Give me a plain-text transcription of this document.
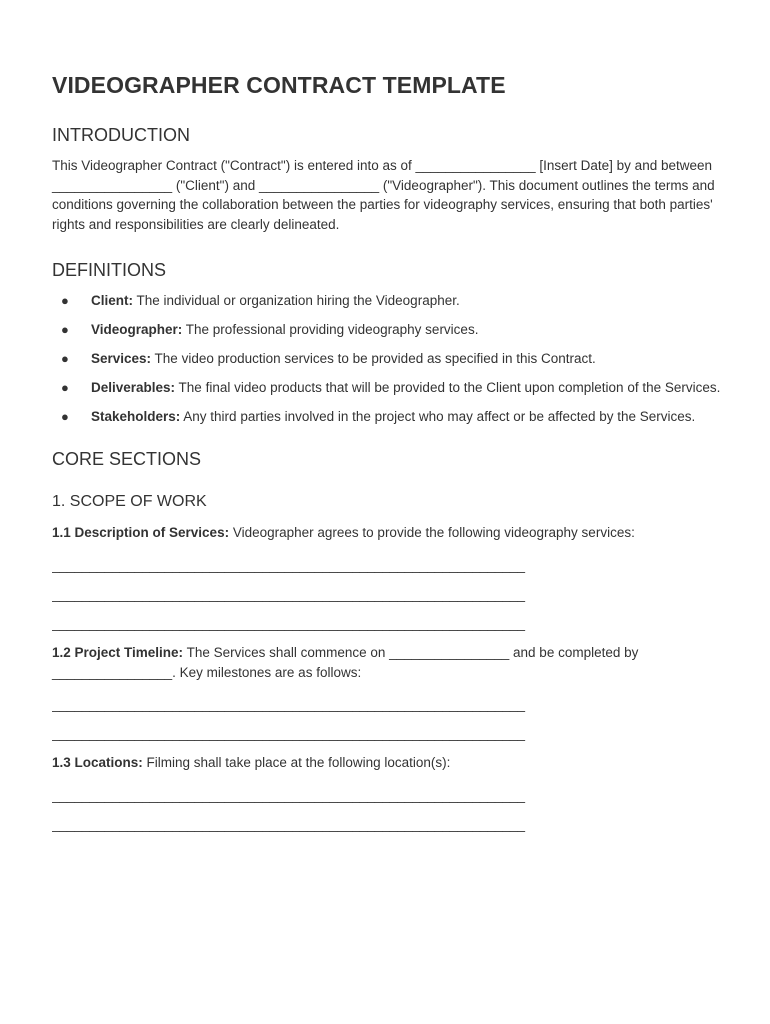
VIDEOGRAPHER CONTRACT TEMPLATE
INTRODUCTION

This Videographer Contract ("Contract") is entered into as of ________________ [Insert Date] by and between ________________ ("Client") and ________________ ("Videographer"). This document outlines the terms and conditions governing the collaboration between the parties for videography services, ensuring that both parties' rights and responsibilities are clearly delineated.

DEFINITIONS
● Client: The individual or organization hiring the Videographer.
● Videographer: The professional providing videography services.
● Services: The video production services to be provided as specified in this Contract.
● Deliverables: The final video products that will be provided to the Client upon completion of the Services.
● Stakeholders: Any third parties involved in the project who may affect or be affected by the Services.
CORE SECTIONS
1. SCOPE OF WORK

1.1 Description of Services: Videographer agrees to provide the following videography services:

_______________________________________________________________
_______________________________________________________________
_______________________________________________________________

1.2 Project Timeline: The Services shall commence on ________________ and be completed by ________________. Key milestones are as follows:

_______________________________________________________________
_______________________________________________________________

1.3 Locations: Filming shall take place at the following location(s):

_______________________________________________________________
_______________________________________________________________
